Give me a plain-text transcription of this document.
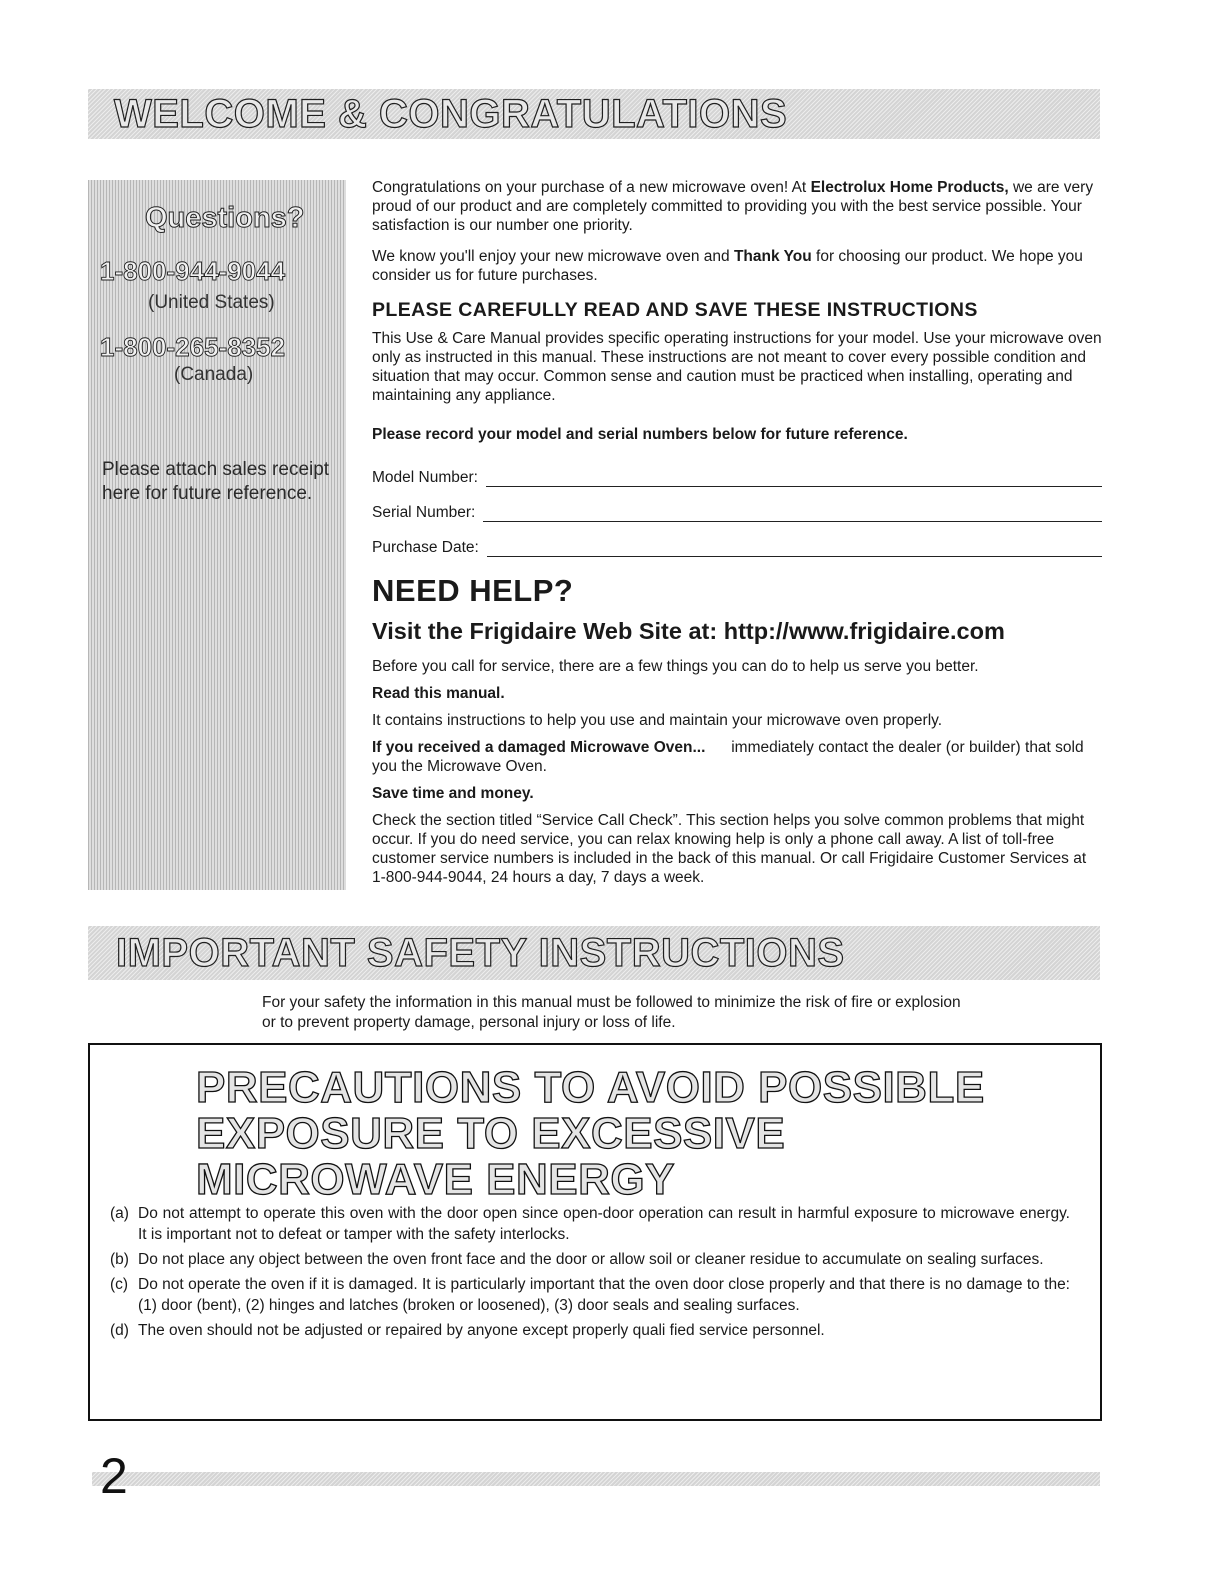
WELCOME & CONGRATULATIONS
Questions?
1-800-944-9044
(United States)
1-800-265-8352
(Canada)
Please attach sales receipt here for future reference.

Congratulations on your purchase of a new microwave oven! At Electrolux Home Products, we are very proud of our product and are completely committed to providing you with the best service possible. Your satisfaction is our number one priority.

We know you'll enjoy your new microwave oven and Thank You for choosing our product. We hope you consider us for future purchases.

PLEASE CAREFULLY READ AND SAVE THESE INSTRUCTIONS
This Use & Care Manual provides specific operating instructions for your model. Use your microwave oven only as instructed in this manual. These instructions are not meant to cover every possible condition and situation that may occur. Common sense and caution must be practiced when installing, operating and maintaining any appliance.
Please record your model and serial numbers below for future reference.
Model Number:
Serial Number:
Purchase Date:
NEED HELP?
Visit the Frigidaire Web Site at: http://www.frigidaire.com
Before you call for service, there are a few things you can do to help us serve you better.
Read this manual.
It contains instructions to help you use and maintain your microwave oven properly.

If you received a damaged Microwave Oven... immediately contact the dealer (or builder) that sold you the Microwave Oven.

Save time and money.
Check the section titled “Service Call Check”. This section helps you solve common problems that might occur. If you do need service, you can relax knowing help is only a phone call away. A list of toll-free customer service numbers is included in the back of this manual. Or call Frigidaire Customer Services at 1-800-944-9044, 24 hours a day, 7 days a week.
IMPORTANT SAFETY INSTRUCTIONS
For your safety the information in this manual must be followed to minimize the risk of fire or explosion or to prevent property damage, personal injury or loss of life.
PRECAUTIONS TO AVOID POSSIBLE
EXPOSURE TO EXCESSIVE
MICROWAVE ENERGY
(a) Do not attempt to operate this oven with the door open since open-door operation can result in harmful exposure to microwave energy. It is important not to defeat or tamper with the safety interlocks.
(b) Do not place any object between the oven front face and the door or allow soil or cleaner residue to accumulate on sealing surfaces.
(c) Do not operate the oven if it is damaged. It is particularly important that the oven door close properly and that there is no damage to the: (1) door (bent), (2) hinges and latches (broken or loosened), (3) door seals and sealing surfaces.
(d) The oven should not be adjusted or repaired by anyone except properly quali fied service personnel.
2
